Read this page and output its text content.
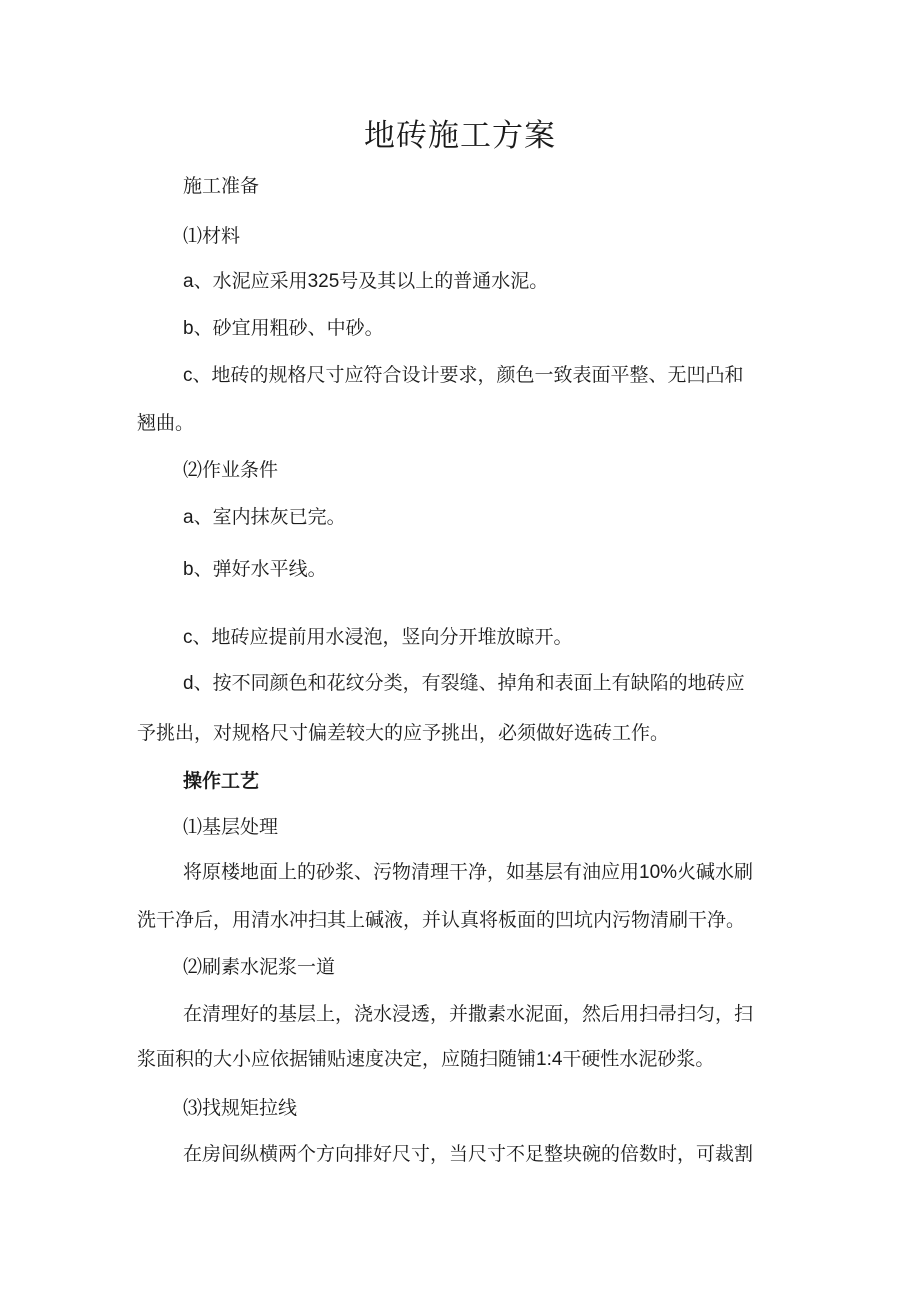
地砖施工方案
施工准备
⑴材料
a、水泥应采用325号及其以上的普通水泥。
b、砂宜用粗砂、中砂。
c、地砖的规格尺寸应符合设计要求，颜色一致表面平整、无凹凸和
翘曲。
⑵作业条件
a、室内抹灰已完。
b、弹好水平线。
c、地砖应提前用水浸泡，竖向分开堆放晾开。
d、按不同颜色和花纹分类，有裂缝、掉角和表面上有缺陷的地砖应
予挑出，对规格尺寸偏差较大的应予挑出，必须做好选砖工作。
操作工艺
⑴基层处理
将原楼地面上的砂浆、污物清理干净，如基层有油应用10%火碱水刷
洗干净后，用清水冲扫其上碱液，并认真将板面的凹坑内污物清刷干净。
⑵刷素水泥浆一道
在清理好的基层上，浇水浸透，并撒素水泥面，然后用扫帚扫匀，扫
浆面积的大小应依据铺贴速度决定，应随扫随铺1:4干硬性水泥砂浆。
⑶找规矩拉线
在房间纵横两个方向排好尺寸，当尺寸不足整块碗的倍数时，可裁割
